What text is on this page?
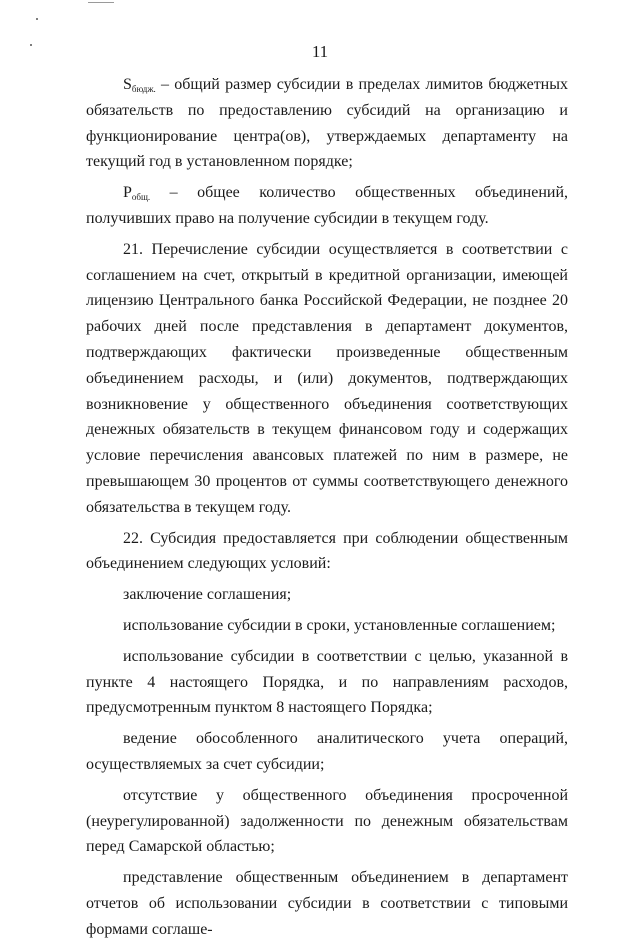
11

$S_{бюдж.}$ – общий размер субсидии в пределах лимитов бюджетных обязательств по предоставлению субсидий на организацию и функционирование центра(ов), утверждаемых департаменту на текущий год в установленном порядке;

$P_{общ.}$ – общее количество общественных объединений, получивших право на получение субсидии в текущем году.

21. Перечисление субсидии осуществляется в соответствии с соглашением на счет, открытый в кредитной организации, имеющей лицензию Центрального банка Российской Федерации, не позднее 20 рабочих дней после представления в департамент документов, подтверждающих фактически произведенные общественным объединением расходы, и (или) документов, подтверждающих возникновение у общественного объединения соответствующих денежных обязательств в текущем финансовом году и содержащих условие перечисления авансовых платежей по ним в размере, не превышающем 30 процентов от суммы соответствующего денежного обязательства в текущем году.

22. Субсидия предоставляется при соблюдении общественным объединением следующих условий:

заключение соглашения;

использование субсидии в сроки, установленные соглашением;

использование субсидии в соответствии с целью, указанной в пункте 4 настоящего Порядка, и по направлениям расходов, предусмотренным пунктом 8 настоящего Порядка;

ведение обособленного аналитического учета операций, осуществляемых за счет субсидии;

отсутствие у общественного объединения просроченной (неурегулированной) задолженности по денежным обязательствам перед Самарской областью;

представление общественным объединением в департамент отчетов об использовании субсидии в соответствии с типовыми формами соглаше-
